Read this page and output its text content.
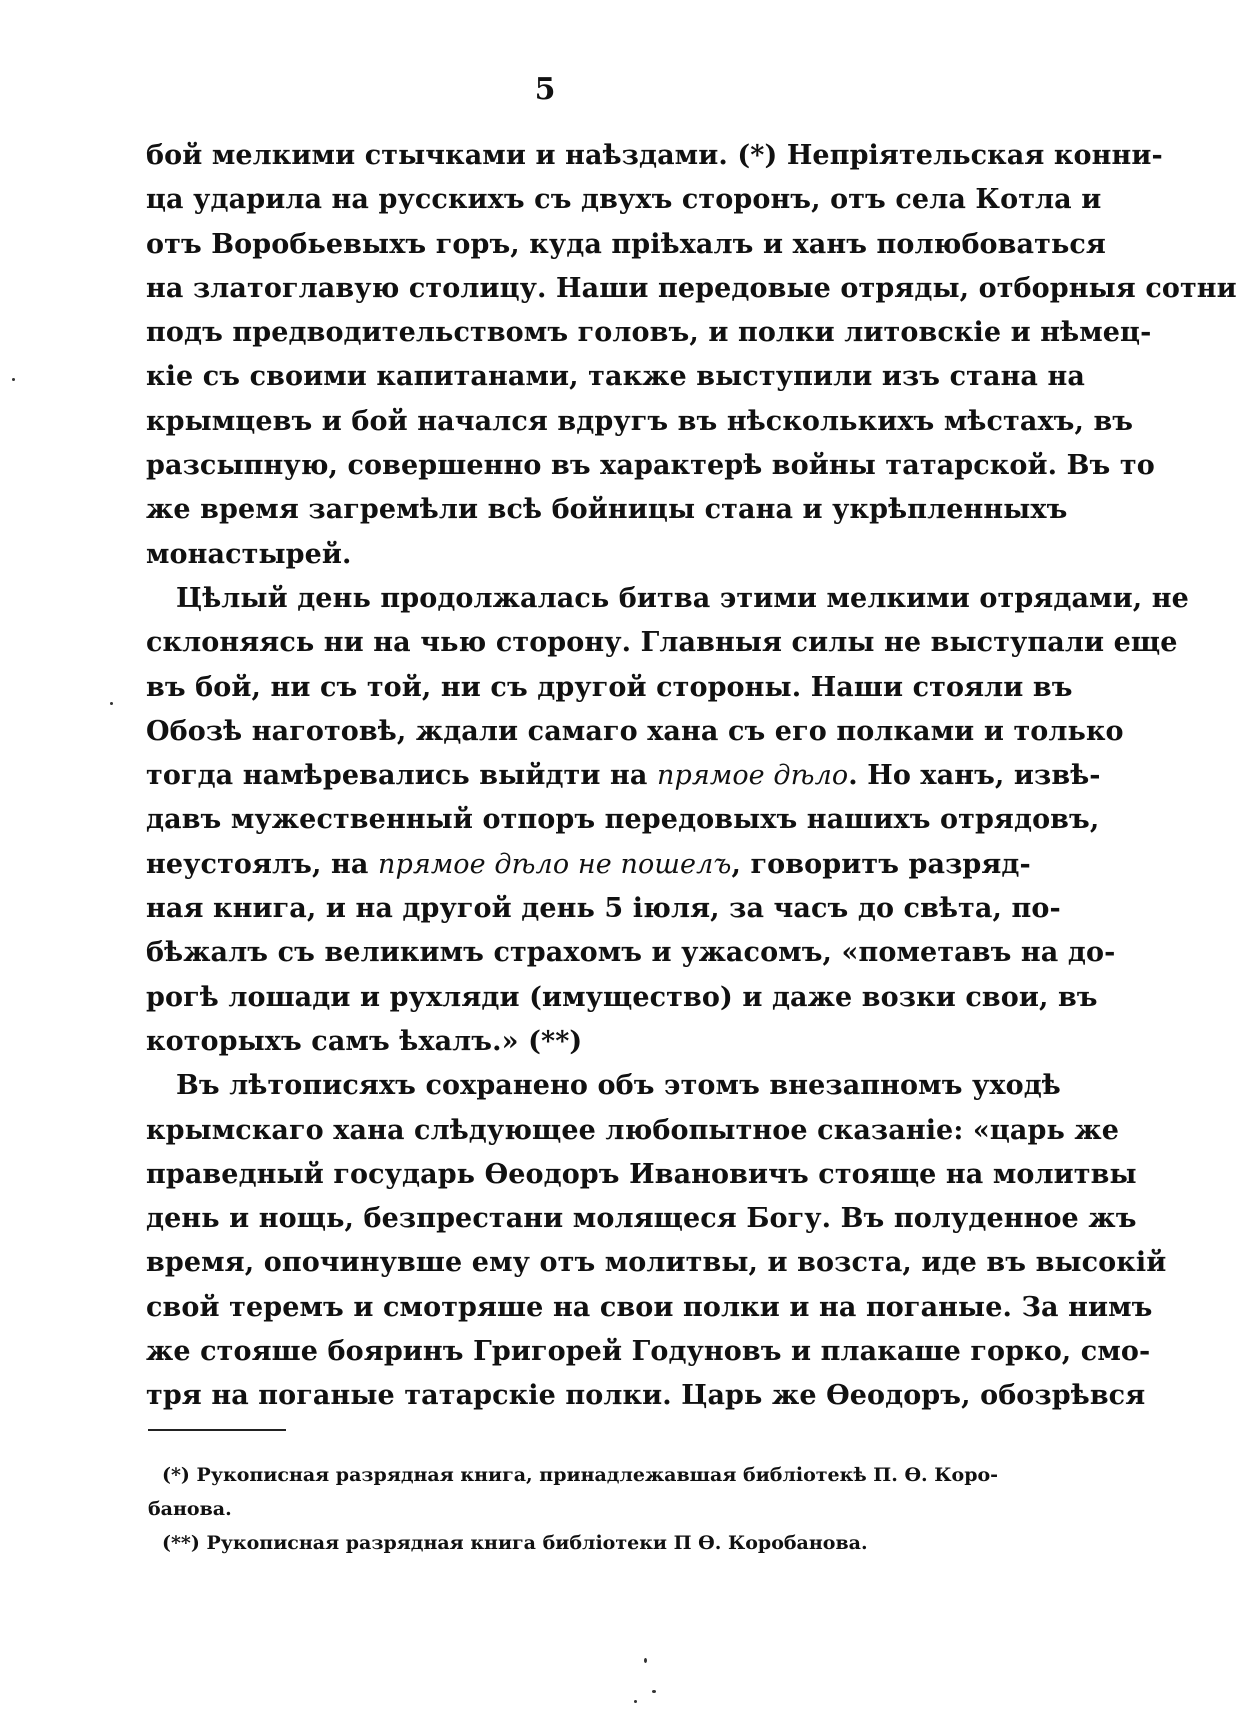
5
бой мелкими стычками и наѣздами. (*) Непріятельская конни-
ца ударила на русскихъ съ двухъ сторонъ, отъ села Котла и
отъ Воробьевыхъ горъ, куда пріѣхалъ и ханъ полюбоваться
на златоглавую столицу. Наши передовые отряды, отборныя сотни
подъ предводительствомъ головъ, и полки литовскіе и нѣмец-
кіе съ своими капитанами, также выступили изъ стана на
крымцевъ и бой начался вдругъ въ нѣсколькихъ мѣстахъ, въ
разсыпную, совершенно въ характерѣ войны татарской. Въ то
же время загремѣли всѣ бойницы стана и укрѣпленныхъ
монастырей.
Цѣлый день продолжалась битва этими мелкими отрядами, не
склоняясь ни на чью сторону. Главныя силы не выступали еще
въ бой, ни съ той, ни съ другой стороны. Наши стояли въ
Обозѣ наготовѣ, ждали самаго хана съ его полками и только
тогда намѣревались выйдти на прямое дѣло. Но ханъ, извѣ-
давъ мужественный отпоръ передовыхъ нашихъ отрядовъ,
неустоялъ, на прямое дѣло не пошелъ, говоритъ разряд-
ная книга, и на другой день 5 іюля, за часъ до свѣта, по-
бѣжалъ съ великимъ страхомъ и ужасомъ, «пометавъ на до-
рогѣ лошади и рухляди (имущество) и даже возки свои, въ
которыхъ самъ ѣхалъ.» (**)
Въ лѣтописяхъ сохранено объ этомъ внезапномъ уходѣ
крымскаго хана слѣдующее любопытное сказаніе: «царь же
праведный государь Өеодоръ Ивановичъ стояще на молитвы
день и нощь, безпрестани молящеся Богу. Въ полуденное жъ
время, опочинувше ему отъ молитвы, и возста, иде въ высокій
свой теремъ и смотряше на свои полки и на поганые. За нимъ
же стояше бояринъ Григорей Годуновъ и плакаше горко, смо-
тря на поганые татарскіе полки. Царь же Өеодоръ, обозрѣвся
(*) Рукописная разрядная книга, принадлежавшая библіотекѣ П. Ө. Коро-
банова.
(**) Рукописная разрядная книга библіотеки П Ө. Коробанова.
